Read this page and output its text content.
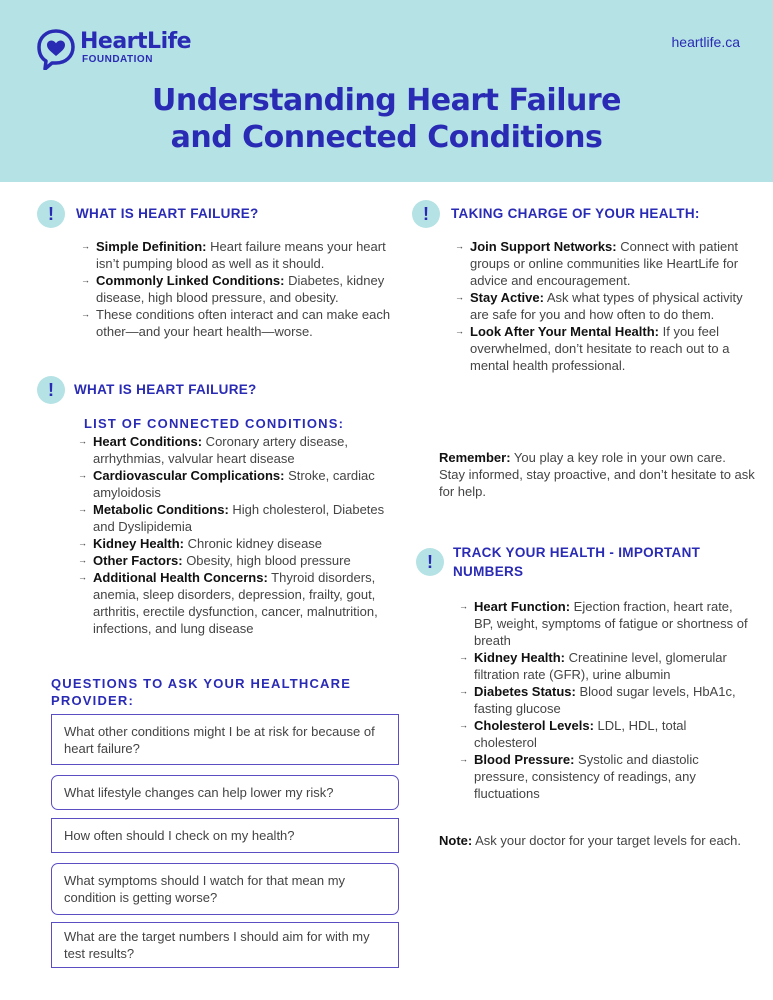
HeartLife
FOUNDATION
heartlife.ca
Understanding Heart Failure
and Connected Conditions
!	WHAT IS HEART FAILURE?
→ Simple Definition: Heart failure means your heart isn’t pumping blood as well as it should.
→ Commonly Linked Conditions: Diabetes, kidney disease, high blood pressure, and obesity.
→ These conditions often interact and can make each other—and your heart health—worse.
!	WHAT IS HEART FAILURE?
LIST OF CONNECTED CONDITIONS:
→ Heart Conditions: Coronary artery disease, arrhythmias, valvular heart disease
→ Cardiovascular Complications: Stroke, cardiac amyloidosis
→ Metabolic Conditions: High cholesterol, Diabetes and Dyslipidemia
→ Kidney Health: Chronic kidney disease
→ Other Factors: Obesity, high blood pressure
→ Additional Health Concerns: Thyroid disorders, anemia, sleep disorders, depression, frailty, gout, arthritis, erectile dysfunction, cancer, malnutrition, infections, and lung disease
QUESTIONS TO ASK YOUR HEALTHCARE
PROVIDER:
What other conditions might I be at risk for because of heart failure?
What lifestyle changes can help lower my risk?
How often should I check on my health?
What symptoms should I watch for that mean my condition is getting worse?
What are the target numbers I should aim for with my test results?
!	TAKING CHARGE OF YOUR HEALTH:
→ Join Support Networks: Connect with patient groups or online communities like HeartLife for advice and encouragement.
→ Stay Active: Ask what types of physical activity are safe for you and how often to do them.
→ Look After Your Mental Health: If you feel overwhelmed, don’t hesitate to reach out to a mental health professional.
Remember: You play a key role in your own care. Stay informed, stay proactive, and don’t hesitate to ask for help.
!	TRACK YOUR HEALTH - IMPORTANT
NUMBERS
→ Heart Function: Ejection fraction, heart rate, BP, weight, symptoms of fatigue or shortness of breath
→ Kidney Health: Creatinine level, glomerular filtration rate (GFR), urine albumin
→ Diabetes Status: Blood sugar levels, HbA1c, fasting glucose
→ Cholesterol Levels: LDL, HDL, total cholesterol
→ Blood Pressure: Systolic and diastolic pressure, consistency of readings, any fluctuations
Note: Ask your doctor for your target levels for each.
